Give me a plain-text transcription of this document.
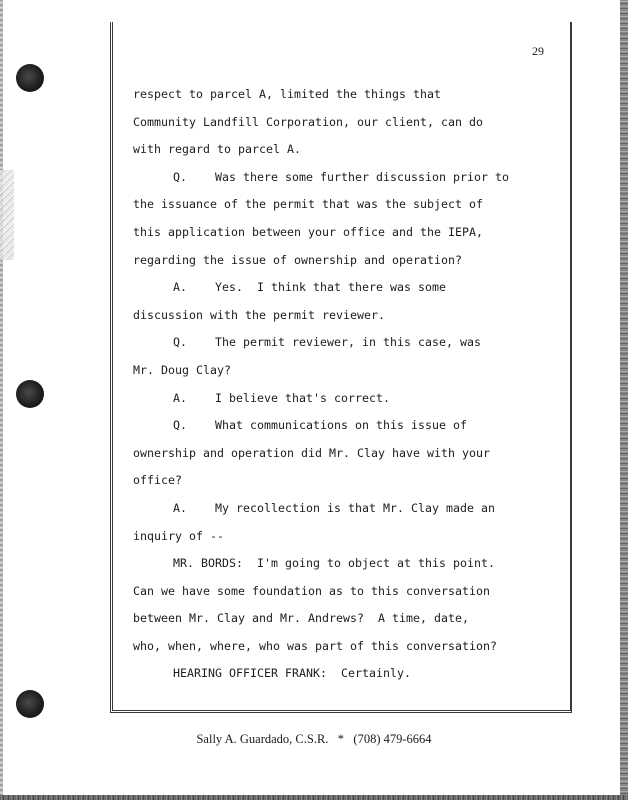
29
respect to parcel A, limited the things that
Community Landfill Corporation, our client, can do
with regard to parcel A.
Q.    Was there some further discussion prior to
the issuance of the permit that was the subject of
this application between your office and the IEPA,
regarding the issue of ownership and operation?
A.    Yes.  I think that there was some
discussion with the permit reviewer.
Q.    The permit reviewer, in this case, was
Mr. Doug Clay?
A.    I believe that's correct.
Q.    What communications on this issue of
ownership and operation did Mr. Clay have with your
office?
A.    My recollection is that Mr. Clay made an
inquiry of --
MR. BORDS:  I'm going to object at this point.
Can we have some foundation as to this conversation
between Mr. Clay and Mr. Andrews?  A time, date,
who, when, where, who was part of this conversation?
HEARING OFFICER FRANK:  Certainly.
Sally A. Guardado, C.S.R.   *   (708) 479-6664
